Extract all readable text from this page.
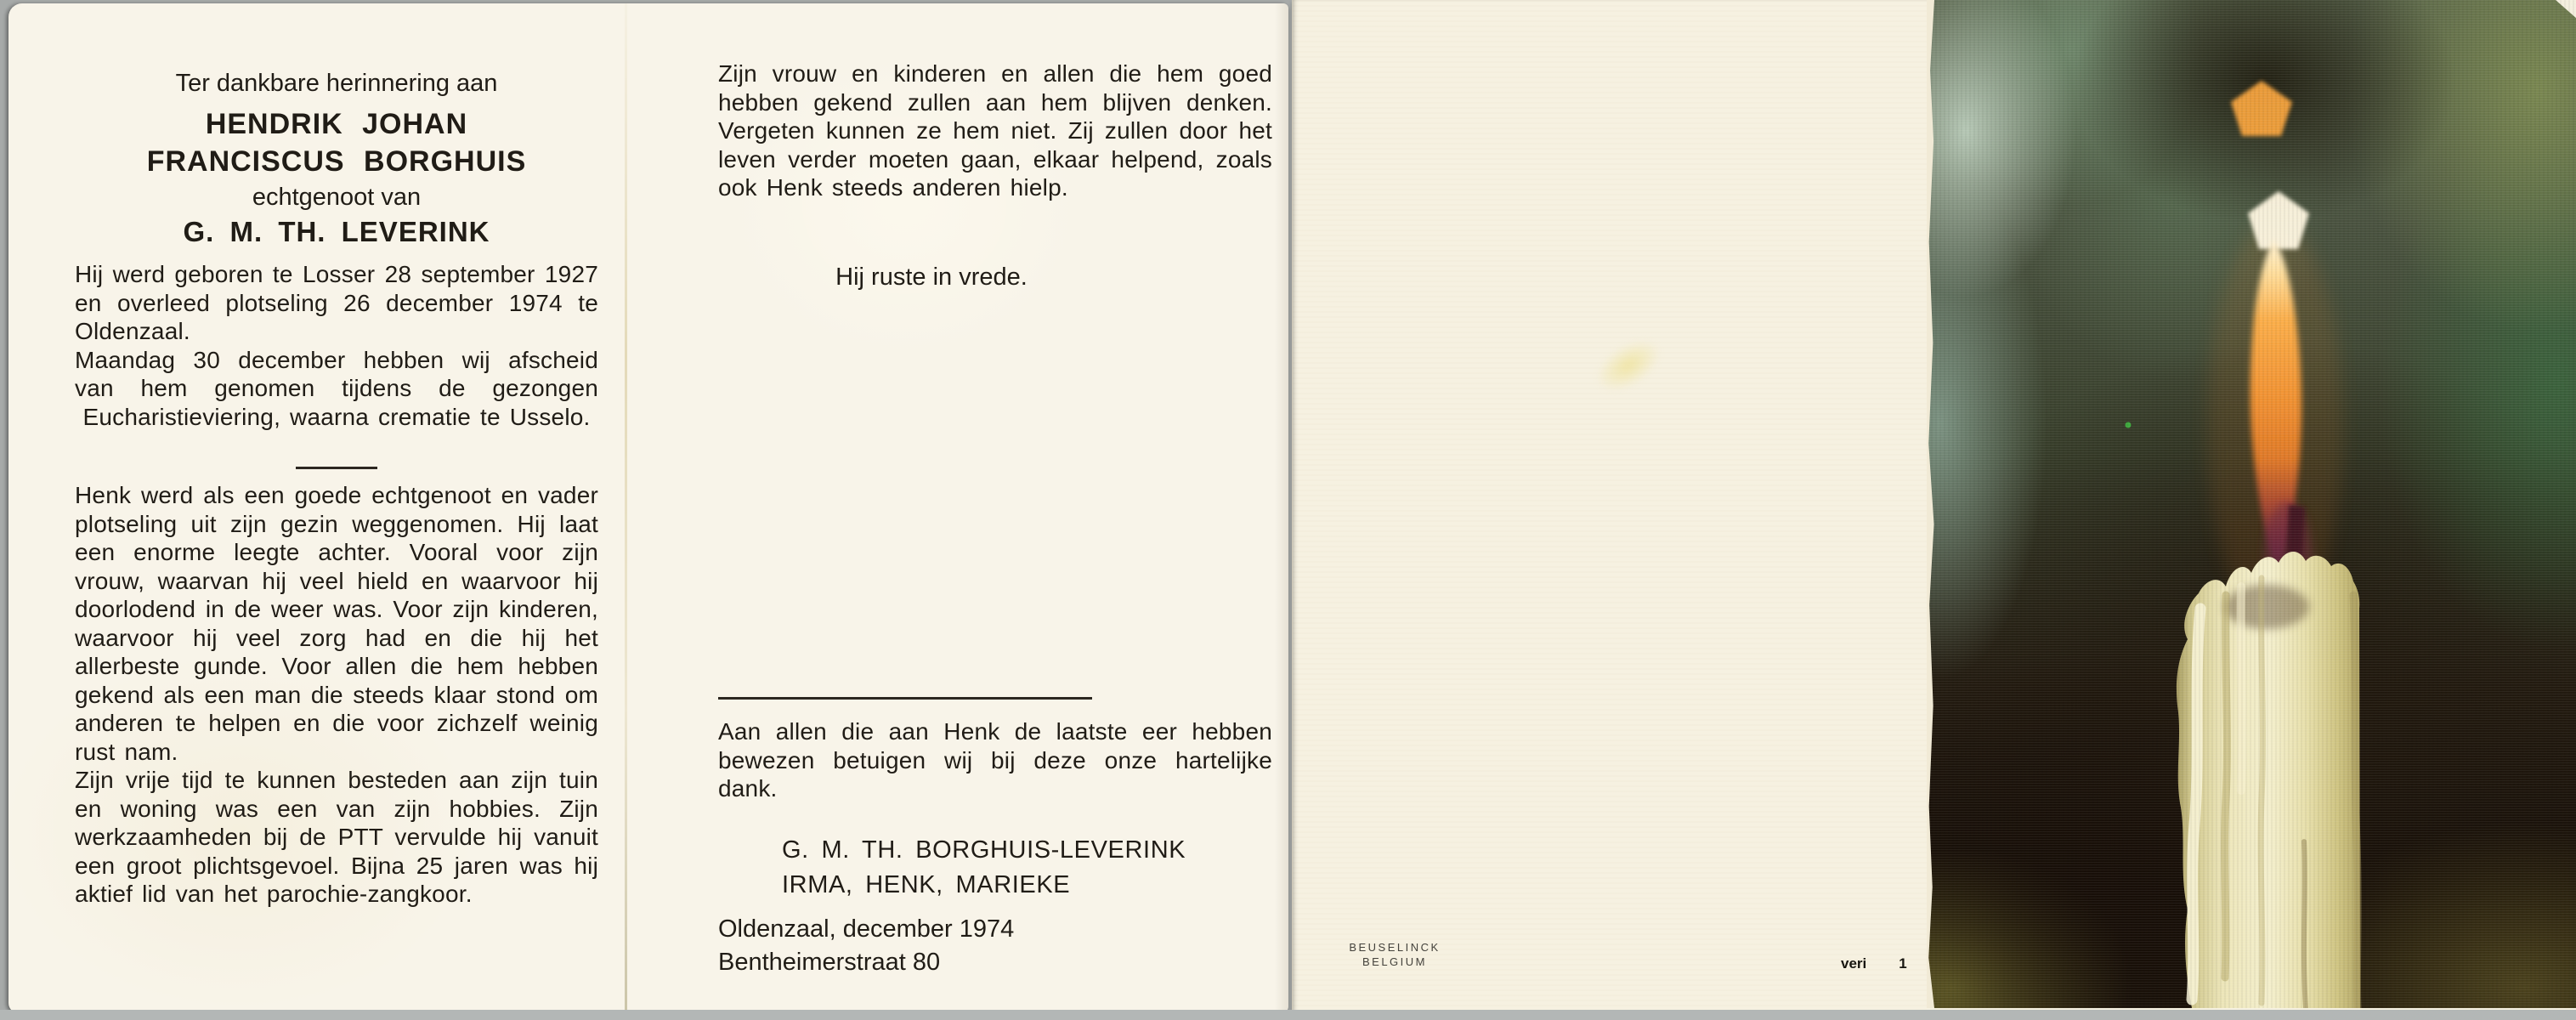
Ter dankbare herinnering aan

HENDRIK JOHAN

FRANCISCUS BORGHUIS

echtgenoot van

G. M. TH. LEVERINK

Hij werd geboren te Losser 28 september 1927 en overleed plotseling 26 december 1974 te Oldenzaal.

Maandag 30 december hebben wij afscheid van hem genomen tijdens de gezongen Eucharistieviering, waarna crematie te Usselo.

Henk werd als een goede echtgenoot en vader plotseling uit zijn gezin weggenomen. Hij laat een enorme leegte achter. Vooral voor zijn vrouw, waarvan hij veel hield en waarvoor hij doorlodend in de weer was. Voor zijn kinderen, waarvoor hij veel zorg had en die hij het allerbeste gunde. Voor allen die hem hebben gekend als een man die steeds klaar stond om anderen te helpen en die voor zichzelf weinig rust nam.

Zijn vrije tijd te kunnen besteden aan zijn tuin en woning was een van zijn hobbies. Zijn werkzaamheden bij de PTT vervulde hij vanuit een groot plichtsgevoel. Bijna 25 jaren was hij aktief lid van het parochie-zangkoor.

Zijn vrouw en kinderen en allen die hem goed hebben gekend zullen aan hem blijven denken. Vergeten kunnen ze hem niet. Zij zullen door het leven verder moeten gaan, elkaar helpend, zoals ook Henk steeds anderen hielp.

Hij ruste in vrede.

Aan allen die aan Henk de laatste eer hebben bewezen betuigen wij bij deze onze hartelijke dank.

G. M. TH. BORGHUIS-LEVERINK
IRMA, HENK, MARIEKE
Oldenzaal, december 1974
Bentheimerstraat 80
BEUSELINCK
BELGIUM	veri 1
